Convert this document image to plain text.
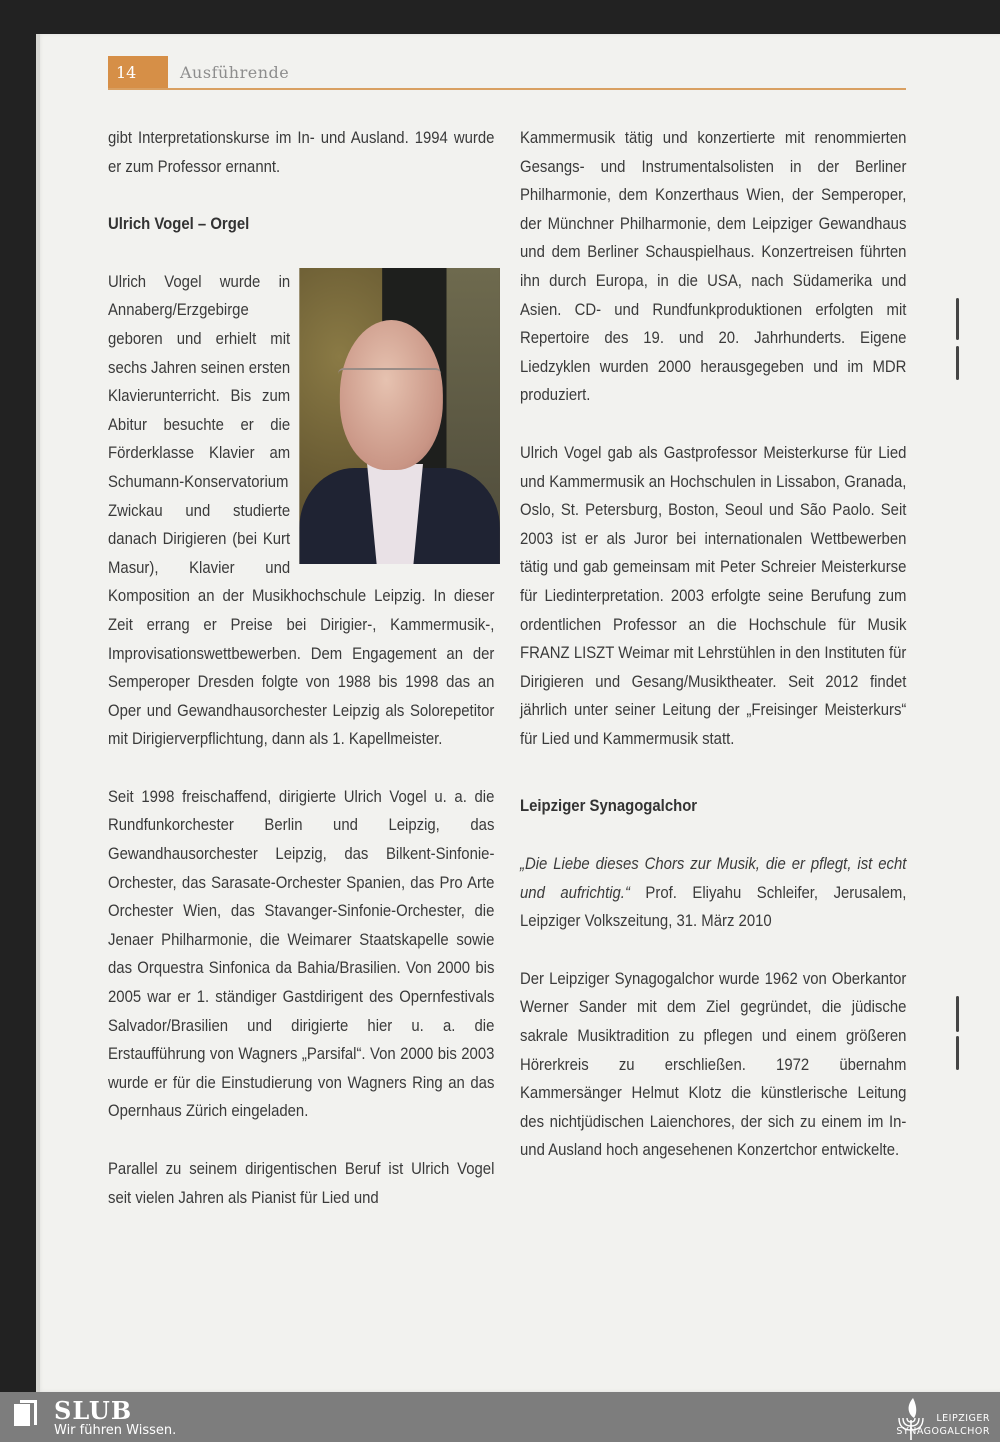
14	Ausführende

gibt Interpretationskurse im In- und Ausland. 1994 wurde er zum Professor ernannt.

Ulrich Vogel – Orgel

Ulrich Vogel wurde in Annaberg/Erzgebirge geboren und erhielt mit sechs Jahren seinen ersten Klavierunterricht. Bis zum Abitur besuchte er die Förderklasse Klavier am Schumann-Konservatorium Zwickau und studierte danach Dirigieren (bei Kurt Masur), Klavier und Komposition an der Musikhochschule Leipzig. In dieser Zeit errang er Preise bei Dirigier-, Kammermusik-, Improvisationswettbewerben. Dem Engagement an der Semperoper Dresden folgte von 1988 bis 1998 das an Oper und Gewandhausorchester Leipzig als Solorepetitor mit Dirigierverpflichtung, dann als 1. Kapellmeister.

Seit 1998 freischaffend, dirigierte Ulrich Vogel u. a. die Rundfunkorchester Berlin und Leipzig, das Gewandhausorchester Leipzig, das Bilkent-Sinfonie-Orchester, das Sarasate-Orchester Spanien, das Pro Arte Orchester Wien, das Stavanger-Sinfonie-Orchester, die Jenaer Philharmonie, die Weimarer Staatskapelle sowie das Orquestra Sinfonica da Bahia/Brasilien. Von 2000 bis 2005 war er 1. ständiger Gastdirigent des Opernfestivals Salvador/Brasilien und dirigierte hier u. a. die Erstaufführung von Wagners „Parsifal“. Von 2000 bis 2003 wurde er für die Einstudierung von Wagners Ring an das Opernhaus Zürich eingeladen.

Parallel zu seinem dirigentischen Beruf ist Ulrich Vogel seit vielen Jahren als Pianist für Lied und

Kammermusik tätig und konzertierte mit renommierten Gesangs- und Instrumentalsolisten in der Berliner Philharmonie, dem Konzerthaus Wien, der Semperoper, der Münchner Philharmonie, dem Leipziger Gewandhaus und dem Berliner Schauspielhaus. Konzertreisen führten ihn durch Europa, in die USA, nach Südamerika und Asien. CD- und Rundfunkproduktionen erfolgten mit Repertoire des 19. und 20. Jahrhunderts. Eigene Liedzyklen wurden 2000 herausgegeben und im MDR produziert.

Ulrich Vogel gab als Gastprofessor Meisterkurse für Lied und Kammermusik an Hochschulen in Lissabon, Granada, Oslo, St. Petersburg, Boston, Seoul und São Paolo. Seit 2003 ist er als Juror bei internationalen Wettbewerben tätig und gab gemeinsam mit Peter Schreier Meisterkurse für Liedinterpretation. 2003 erfolgte seine Berufung zum ordentlichen Professor an die Hochschule für Musik FRANZ LISZT Weimar mit Lehrstühlen in den Instituten für Dirigieren und Gesang/Musiktheater. Seit 2012 findet jährlich unter seiner Leitung der „Freisinger Meisterkurs“ für Lied und Kammermusik statt.

Leipziger Synagogalchor

„Die Liebe dieses Chors zur Musik, die er pflegt, ist echt und aufrichtig.“ Prof. Eliyahu Schleifer, Jerusalem, Leipziger Volkszeitung, 31. März 2010

Der Leipziger Synagogalchor wurde 1962 von Oberkantor Werner Sander mit dem Ziel gegründet, die jüdische sakrale Musiktradition zu pflegen und einem größeren Hörerkreis zu erschließen. 1972 übernahm Kammersänger Helmut Klotz die künstlerische Leitung des nichtjüdischen Laienchores, der sich zu einem im In- und Ausland hoch angesehenen Konzertchor entwickelte.

SLUB
Wir führen Wissen.
LEIPZIGER
SYNAGOGALCHOR
